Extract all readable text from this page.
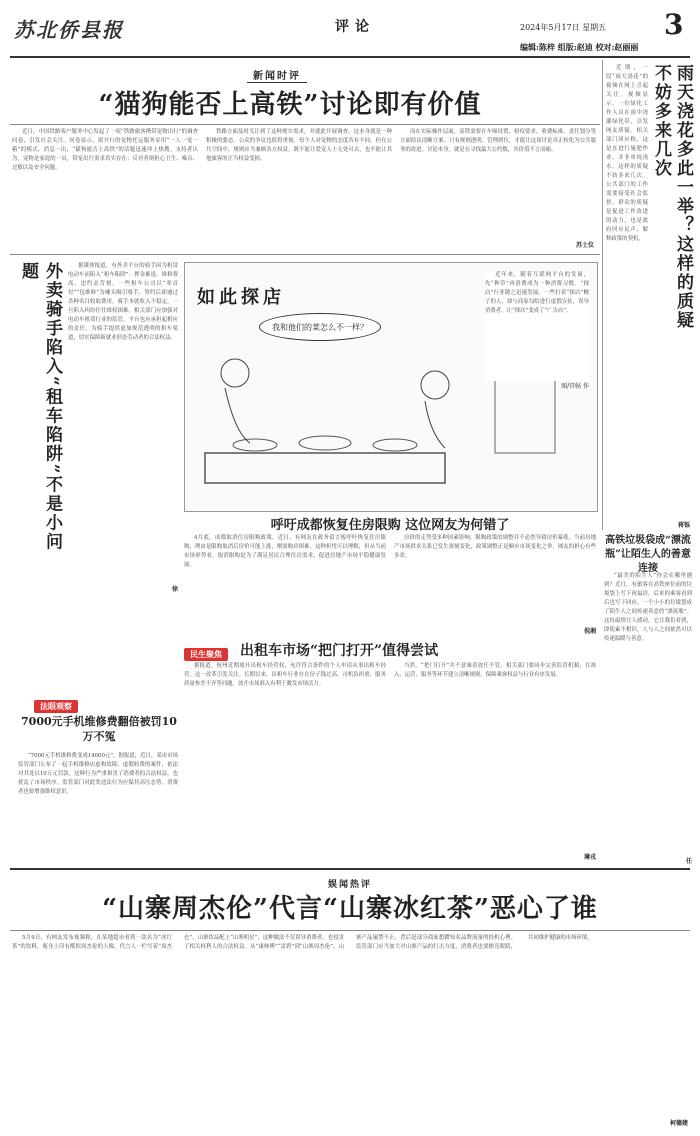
苏北侨县报	评论	2024年5月17日 星期五 3
编辑:陈梓 组版:赵迪 校对:赵丽丽
新闻时评
“猫狗能否上高铁”讨论即有价值

近日，中国铁路客户服务中心发起了一项“铁路旅客携带宠物出行”的调查问卷，引发社会关注。问卷显示，拟开行的宠物托运服务采用“一人一宠一箱”的模式。消息一出，“猫狗能否上高铁”的话题迅速冲上热搜。支持者认为，宠物是家庭的一员，带宠出行需求真实存在；反对者则担心卫生、噪音、过敏以及安全问题。

铁路方面及时关注到了这种现实需求，并就此开展调查，这本身就是一种积极的姿态。公众的争议也值得重视。每个人对宠物的态度各有不同，但在公共空间中，规则应当兼顾各方权益，既不能让爱宠人士无处可去，也不能让其他旅客的正当权益受损。

而在实际操作层面，高铁需要在车厢设置、检疫要求、收费标准、责任划分等方面给出清晰方案。只有规则透明、管理到位，才能让这场讨论真正转化为公共服务的改进。讨论本身，就是在寻找最大公约数，其价值不言而喻。

苏士仪	雨天浇花多此一举？这样的质疑不妨多来几次

近期，一段“雨天浇花”的视频在网上引起关注。视频显示，一位绿化工作人员在雨中浇灌绿化带，引发网友质疑。相关部门回应称，这是在进行施肥作业，并非单纯浇水。这样的质疑不妨多来几次。公共部门的工作需要接受社会监督，群众的质疑是促进工作改进的动力，也是政府回应民声、解释政策的契机。

蒋铄
外卖骑手陷入“租车陷阱”不是小问题	据媒体报道，有外卖平台的骑手因为租赁电动车而陷入“租车陷阱”：押金难退、维修费高、违约金苛刻。一些租车公司以“零首付”“包维修”为噱头吸引骑手，签约后却通过各种名目收取费用。骑手本就收入不稳定，一旦陷入纠纷往往维权困难。相关部门应加强对电动车租赁行业的监管，平台也应承担起相应的责任，为骑手提供更加规范透明的租车渠道，切实保障新就业形态劳动者的合法权益。

徐
如此探店
我和他们的菜怎么不一样？

近年来，随着互联网平台的发展，先“种草”再消费成为一种消费习惯。“探店”行业随之迅速发展。一些打着“探店”幌子的人，却与商家勾结进行虚假宣传，误导消费者，让“探店”变成了“广告店”。

图/宫帖 作
呼吁成都恢复住房限购 这位网友为何错了

4月底，成都取消住房限购政策。近日，有网友在政务留言板呼吁恢复住房限购，理由是限购取消后房价可能上涨，刚需购房困难。这种担忧可以理解，但从当前市场形势看，取消限购是为了满足居民合理住房需求，促进房地产市场平稳健康发展。

房价的走势受多种因素影响，限购政策的调整并不必然导致房价暴涨。当前房地产市场供求关系已发生深刻变化，政策调整正是顺应市场变化之举，网友的担心有些多余。

倪湘
高铁垃圾袋成“漂流瓶”让陌生人的善意连接

“最美的陌生人”你会在哪里遇到？近日，有旅客在高铁座位前的垃圾袋上写下祝福语，后来的乘客看到后也写下回应，一个小小的垃圾袋成了陌生人之间传递善意的“漂流瓶”。这份温情让人感动。它让我们看到，即使素不相识，人与人之间依然可以传递温暖与善意。

任
法眼观察
7000元手机维修费翻倍被罚10万不冤

“7000元手机维修费变成14000元”，据报道，近日，某市市场监管部门公布了一起手机维修店虚构故障、虚假收费的案件，依法对其处以10万元罚款。这种行为严重损害了消费者的合法权益，也扰乱了市场秩序。监管部门对此类违法行为应保持高压态势，消费者也要增强维权意识。

民生聚焦	出租车市场“把门打开”值得尝试

据报道，杭州近期放开出租车经营权，允许符合条件的个人申请从事出租车经营。这一改革引发关注。长期以来，出租车行业存在份子钱过高、司机负担重、服务质量参差不齐等问题，放开市场准入有利于激发市场活力。

当然，“把门打开”并不意味着放任不管。相关部门要同步完善监管机制，在准入、运营、服务等环节建立清晰规则，保障乘客权益与行业有序发展。

薄戎
娱闻热评
“山寨周杰伦”代言“山寨冰红茶”恶心了谁

5月9日，有网友发布视频称，在某地超市看到一款名为“冰红茶”的饮料，瓶身上印有酷似周杰伦的人像，代言人一栏写着“周杰仑”。山寨饮品配上“山寨明星”，这种做法不仅误导消费者，也侵害了相关权利人的合法权益。从“康帅傅”“雷碧”到“山寨周杰伦”，山寨产品屡禁不止，背后是部分商家想蹭知名品牌流量的投机心理。监管部门应当加大对山寨产品的打击力度，消费者也要擦亮眼睛，共同维护健康的市场环境。

柯德建
